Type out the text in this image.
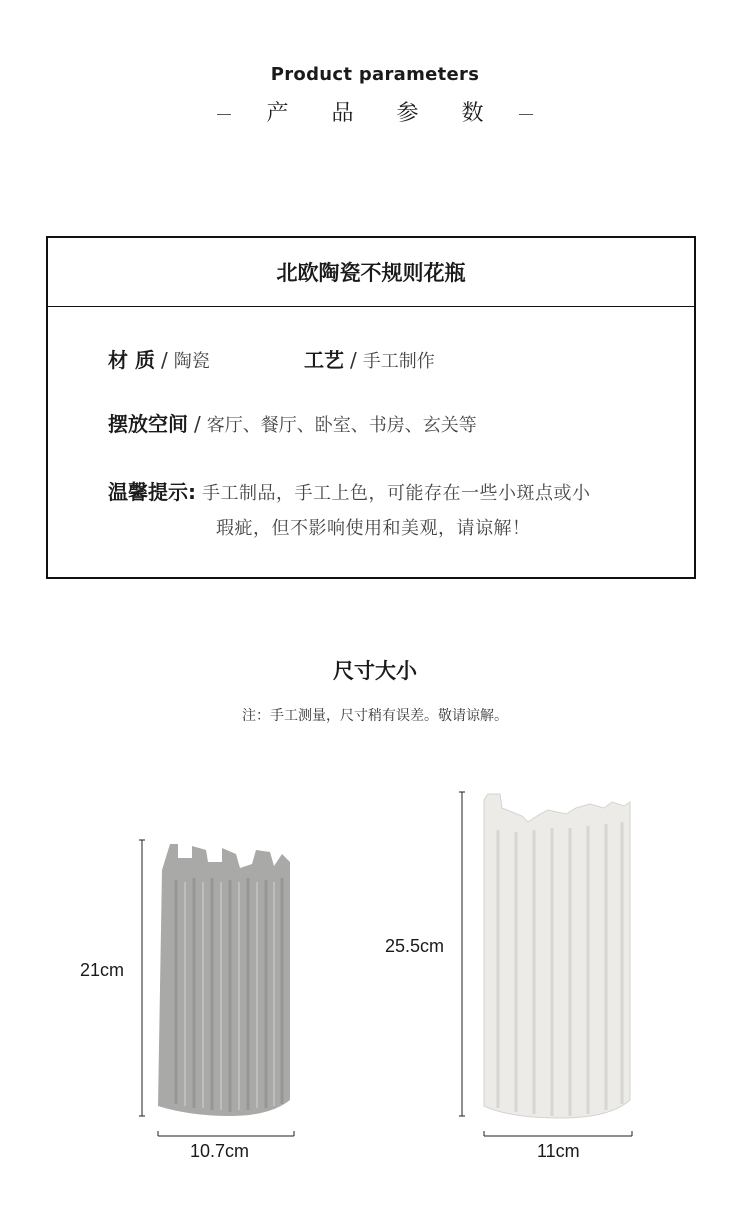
Product parameters
产 品 参 数
北欧陶瓷不规则花瓶
材 质 / 陶瓷	工艺 / 手工制作
摆放空间 / 客厅、餐厅、卧室、书房、玄关等
温馨提示: 手工制品，手工上色，可能存在一些小斑点或小
瑕疵，但不影响使用和美观，请谅解！
尺寸大小
注：手工测量，尺寸稍有误差。敬请谅解。
21cm
10.7cm
25.5cm
11cm
